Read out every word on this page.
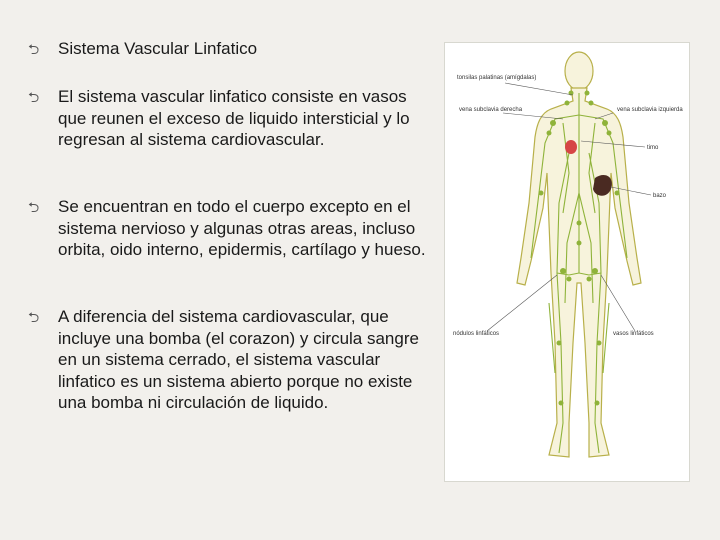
⮌	Sistema Vascular Linfatico
⮌	El sistema vascular linfatico consiste en vasos que reunen el exceso de liquido intersticial y lo regresan al sistema cardiovascular.
⮌	Se encuentran en todo el cuerpo excepto en el sistema nervioso y algunas otras areas, incluso orbita, oido interno, epidermis, cartílago y hueso.
⮌	A diferencia del sistema cardiovascular, que incluye una bomba (el corazon) y circula sangre en un sistema cerrado, el sistema vascular linfatico es un sistema abierto porque no existe una bomba ni circulación de liquido.
tonsilas palatinas (amígdalas)
vena subclavia derecha	vena subclavia izquierda
timo
bazo
nódulos linfáticos	vasos linfáticos
